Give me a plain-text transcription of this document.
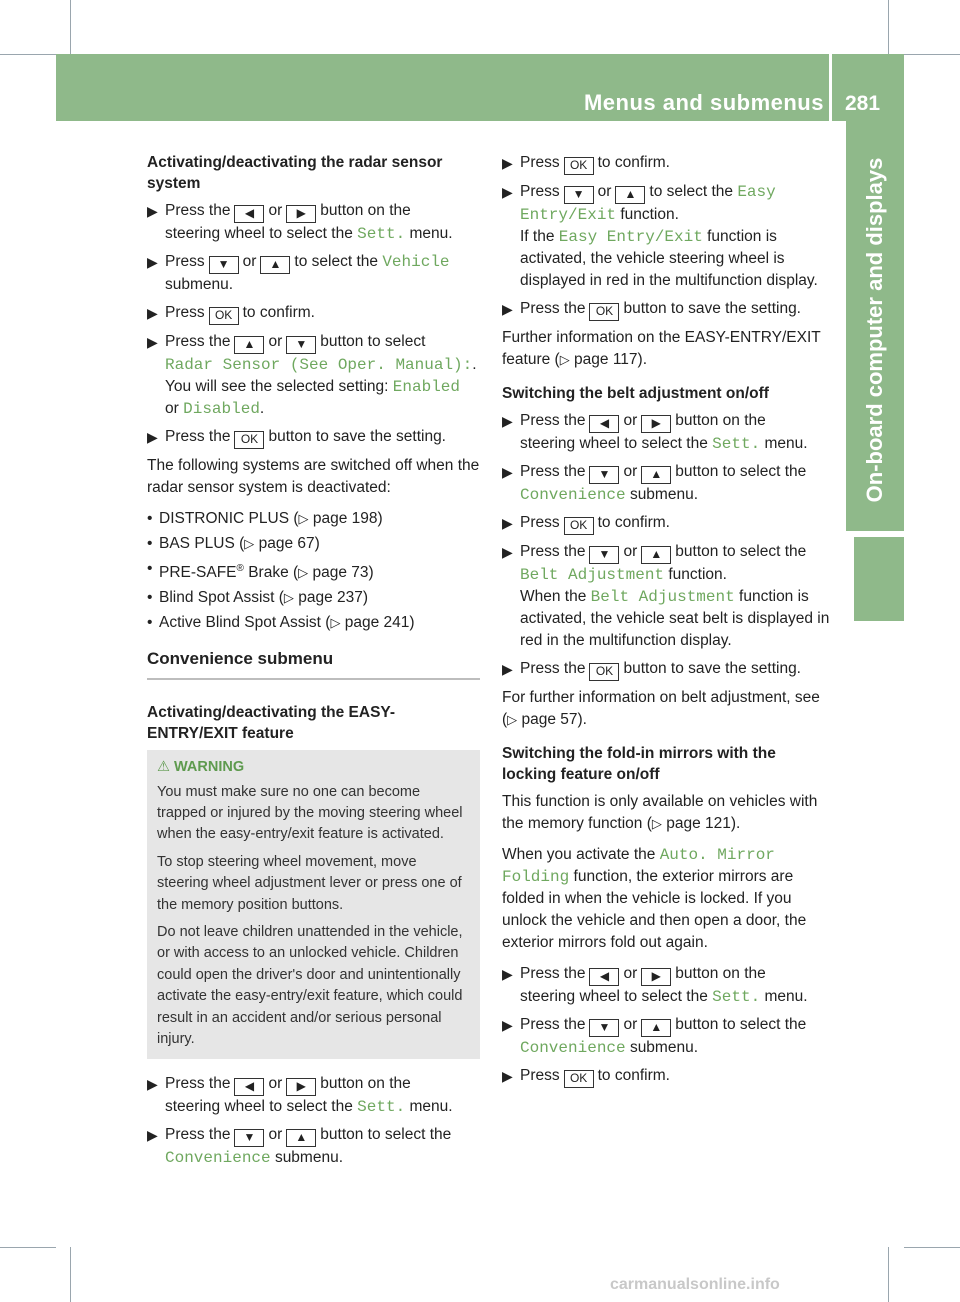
Menus and submenus 281
On-board computer and displays
Activating/deactivating the radar sensor system
▶ Press the ◀ or ▶ button on the
steering wheel to select the Sett. menu.
▶ Press ▼ or ▲ to select the Vehicle
submenu.
▶ Press OK to confirm.
▶ Press the ▲ or ▼ button to select
Radar Sensor (See Oper. Manual):.
You will see the selected setting: Enabled
or Disabled.
▶ Press the OK button to save the setting.

The following systems are switched off when the radar sensor system is deactivated:

• DISTRONIC PLUS (▷ page 198)
• BAS PLUS (▷ page 67)
• PRE-SAFE® Brake (▷ page 73)
• Blind Spot Assist (▷ page 237)
• Active Blind Spot Assist (▷ page 241)
Convenience submenu
Activating/deactivating the EASY-ENTRY/EXIT feature
⚠ WARNING

You must make sure no one can become trapped or injured by the moving steering wheel when the easy-entry/exit feature is activated.

To stop steering wheel movement, move steering wheel adjustment lever or press one of the memory position buttons.

Do not leave children unattended in the vehicle, or with access to an unlocked vehicle. Children could open the driver's door and unintentionally activate the easy-entry/exit feature, which could result in an accident and/or serious personal injury.

▶ Press the ◀ or ▶ button on the
steering wheel to select the Sett. menu.
▶ Press the ▼ or ▲ button to select the
Convenience submenu.
▶ Press OK to confirm.
▶ Press ▼ or ▲ to select the Easy Entry/Exit function.
If the Easy Entry/Exit function is activated, the vehicle steering wheel is displayed in red in the multifunction display.
▶ Press the OK button to save the setting.

Further information on the EASY-ENTRY/EXIT feature (▷ page 117).

Switching the belt adjustment on/off
▶ Press the ◀ or ▶ button on the
steering wheel to select the Sett. menu.
▶ Press the ▼ or ▲ button to select the
Convenience submenu.
▶ Press OK to confirm.
▶ Press the ▼ or ▲ button to select the
Belt Adjustment function.
When the Belt Adjustment function is activated, the vehicle seat belt is displayed in red in the multifunction display.
▶ Press the OK button to save the setting.

For further information on belt adjustment, see (▷ page 57).

Switching the fold-in mirrors with the locking feature on/off

This function is only available on vehicles with the memory function (▷ page 121).

When you activate the Auto. Mirror Folding function, the exterior mirrors are folded in when the vehicle is locked. If you unlock the vehicle and then open a door, the exterior mirrors fold out again.

▶ Press the ◀ or ▶ button on the
steering wheel to select the Sett. menu.
▶ Press the ▼ or ▲ button to select the
Convenience submenu.
▶ Press OK to confirm.
carmanualsonline.info
